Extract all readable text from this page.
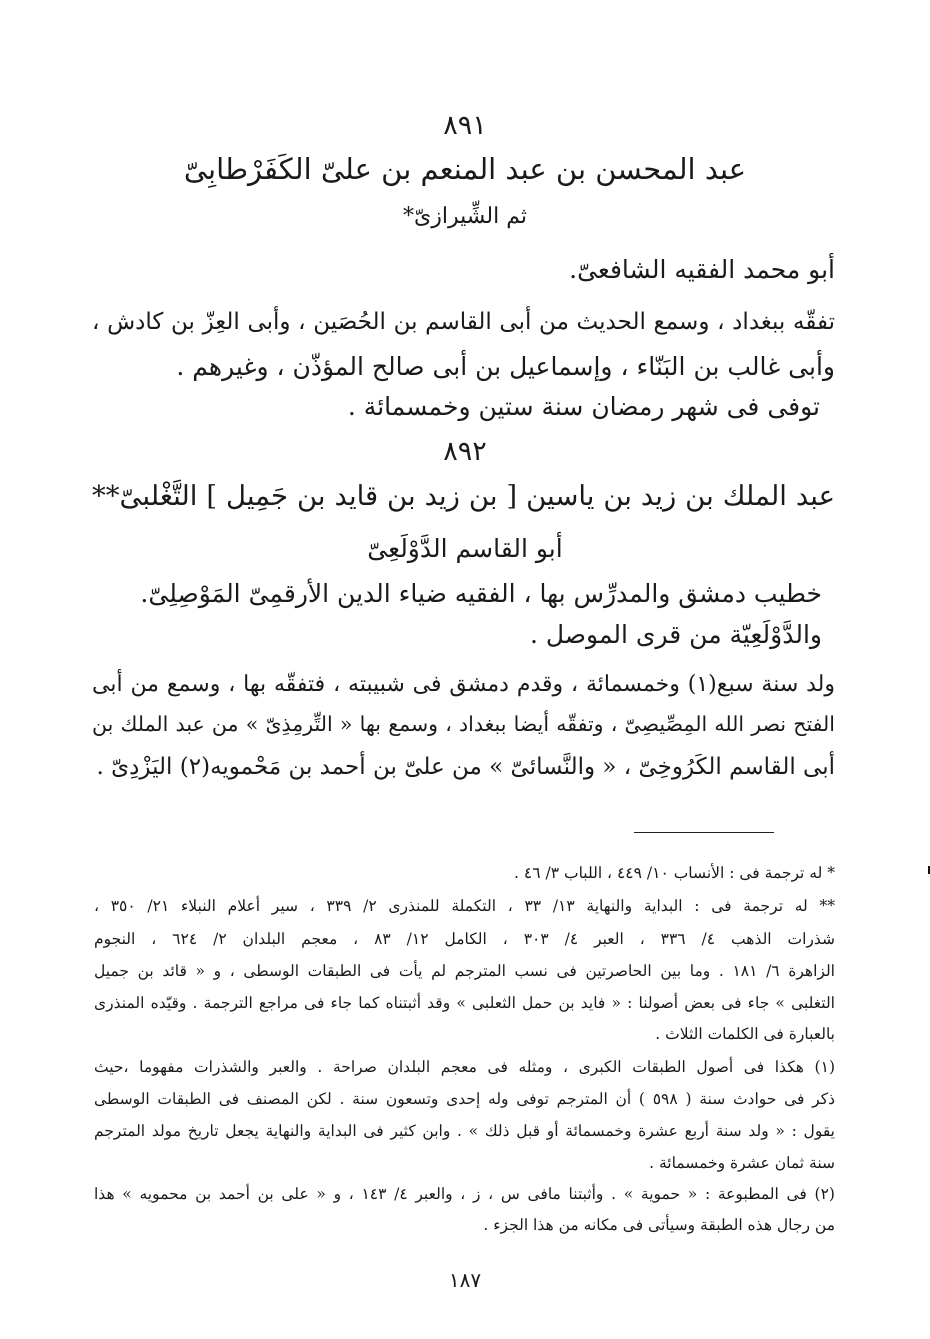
٨٩١
عبد المحسن بن عبد المنعم بن علىّ الكَفَرْطابِىّ
ثم الشِّيرازىّ*
أبو محمد الفقيه الشافعىّ.
تفقّه ببغداد ، وسمع الحديث من أبى القاسم بن الحُصَين ، وأبى العِزّ بن كادش ،
وأبى غالب بن البَنّاء ، وإسماعيل بن أبى صالح المؤذّن ، وغيرهم .
توفى فى شهر رمضان سنة ستين وخمسمائة .
٨٩٢
عبد الملك بن زيد بن ياسين [ بن زيد بن قايد بن جَمِيل ] التَّغْلبىّ**
أبو القاسم الدَّوْلَعِىّ
خطيب دمشق والمدرِّس بها ، الفقيه ضياء الدين الأرقمِىّ المَوْصِلِىّ.
والدَّوْلَعِيّة من قرى الموصل .
ولد سنة سبع(١) وخمسمائة ، وقدم دمشق فى شبيبته ، فتفقّه بها ، وسمع من أبى
الفتح نصر الله المِصِّيصِىّ ، وتفقّه أيضا ببغداد ، وسمع بها « التِّرمِذِىّ » من عبد الملك بن
أبى القاسم الكَرُوخِىّ ، « والنَّسائىّ » من علىّ بن أحمد بن مَحْمويه(٢) اليَزْدِىّ .
* له ترجمة فى : الأنساب ١٠/ ٤٤٩ ، اللباب ٣/ ٤٦ .
** له ترجمة فى : البداية والنهاية ١٣/ ٣٣ ، التكملة للمنذرى ٢/ ٣٣٩ ، سير أعلام النبلاء ٢١/ ٣٥٠ ،
شذرات الذهب ٤/ ٣٣٦ ، العبر ٤/ ٣٠٣ ، الكامل ١٢/ ٨٣ ، معجم البلدان ٢/ ٦٢٤ ، النجوم
الزاهرة ٦/ ١٨١ . وما بين الحاصرتين فى نسب المترجم لم يأت فى الطبقات الوسطى ، و « قائد بن جميل
التغلبى » جاء فى بعض أصولنا : « فايد بن حمل الثعلبى » وقد أثبتناه كما جاء فى مراجع الترجمة . وقيّده المنذرى
بالعبارة فى الكلمات الثلاث .
(١) هكذا فى أصول الطبقات الكبرى ، ومثله فى معجم البلدان صراحة . والعبر والشذرات مفهوما ،حيث
ذكر فى حوادث سنة ( ٥٩٨ ) أن المترجم توفى وله إحدى وتسعون سنة . لكن المصنف فى الطبقات الوسطى
يقول : « ولد سنة أربع عشرة وخمسمائة أو قبل ذلك » . وابن كثير فى البداية والنهاية يجعل تاريخ مولد المترجم
سنة ثمان عشرة وخمسمائة .
(٢) فى المطبوعة : « حموية » . وأثبتنا مافى س ، ز ، والعبر ٤/ ١٤٣ ، و « على بن أحمد بن محمويه » هذا
من رجال هذه الطبقة وسيأتى فى مكانه من هذا الجزء .
١٨٧
